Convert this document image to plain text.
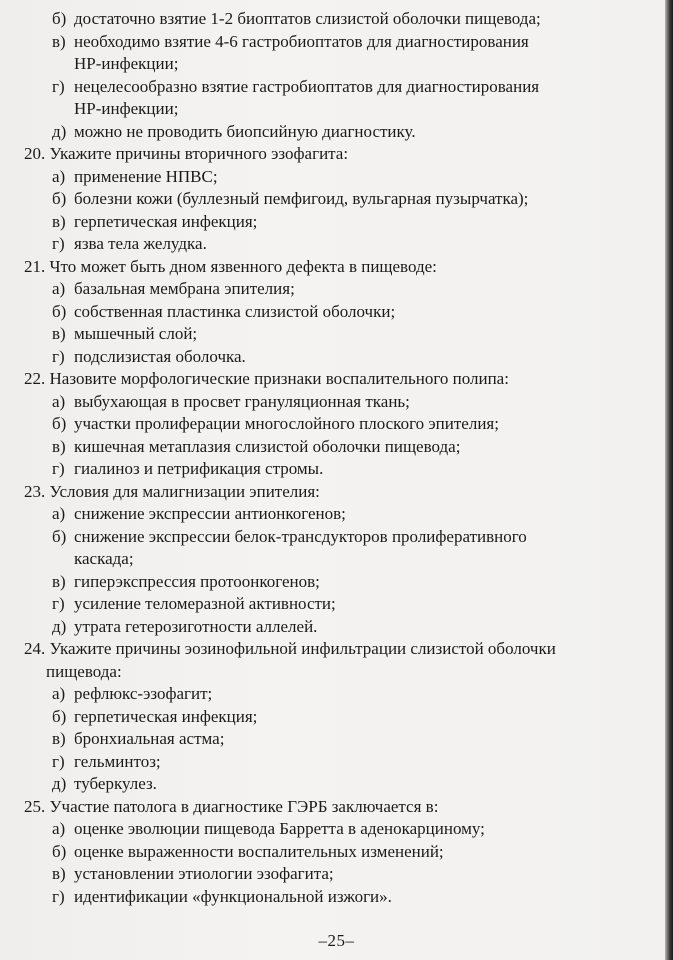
б) достаточно взятие 1-2 биоптатов слизистой оболочки пищевода;

в) необходимо взятие 4-6 гастробиоптатов для диагностирования

НР-инфекции;

г) нецелесообразно взятие гастробиоптатов для диагностирования

НР-инфекции;

д) можно не проводить биопсийную диагностику.

20. Укажите причины вторичного эзофагита:

а) применение НПВС;

б) болезни кожи (буллезный пемфигоид, вульгарная пузырчатка);

в) герпетическая инфекция;

г) язва тела желудка.

21. Что может быть дном язвенного дефекта в пищеводе:

а) базальная мембрана эпителия;

б) собственная пластинка слизистой оболочки;

в) мышечный слой;

г) подслизистая оболочка.

22. Назовите морфологические признаки воспалительного полипа:

а) выбухающая в просвет грануляционная ткань;

б) участки пролиферации многослойного плоского эпителия;

в) кишечная метаплазия слизистой оболочки пищевода;

г) гиалиноз и петрификация стромы.

23. Условия для малигнизации эпителия:

а) снижение экспрессии антионкогенов;

б) снижение экспрессии белок-трансдукторов пролиферативного

каскада;

в) гиперэкспрессия протоонкогенов;

г) усиление теломеразной активности;

д) утрата гетерозиготности аллелей.

24. Укажите причины эозинофильной инфильтрации слизистой оболочки

пищевода:

а) рефлюкс-эзофагит;

б) герпетическая инфекция;

в) бронхиальная астма;

г) гельминтоз;

д) туберкулез.

25. Участие патолога в диагностике ГЭРБ заключается в:

а) оценке эволюции пищевода Барретта в аденокарциному;

б) оценке выраженности воспалительных изменений;

в) установлении этиологии эзофагита;

г) идентификации «функциональной изжоги».

–25–
